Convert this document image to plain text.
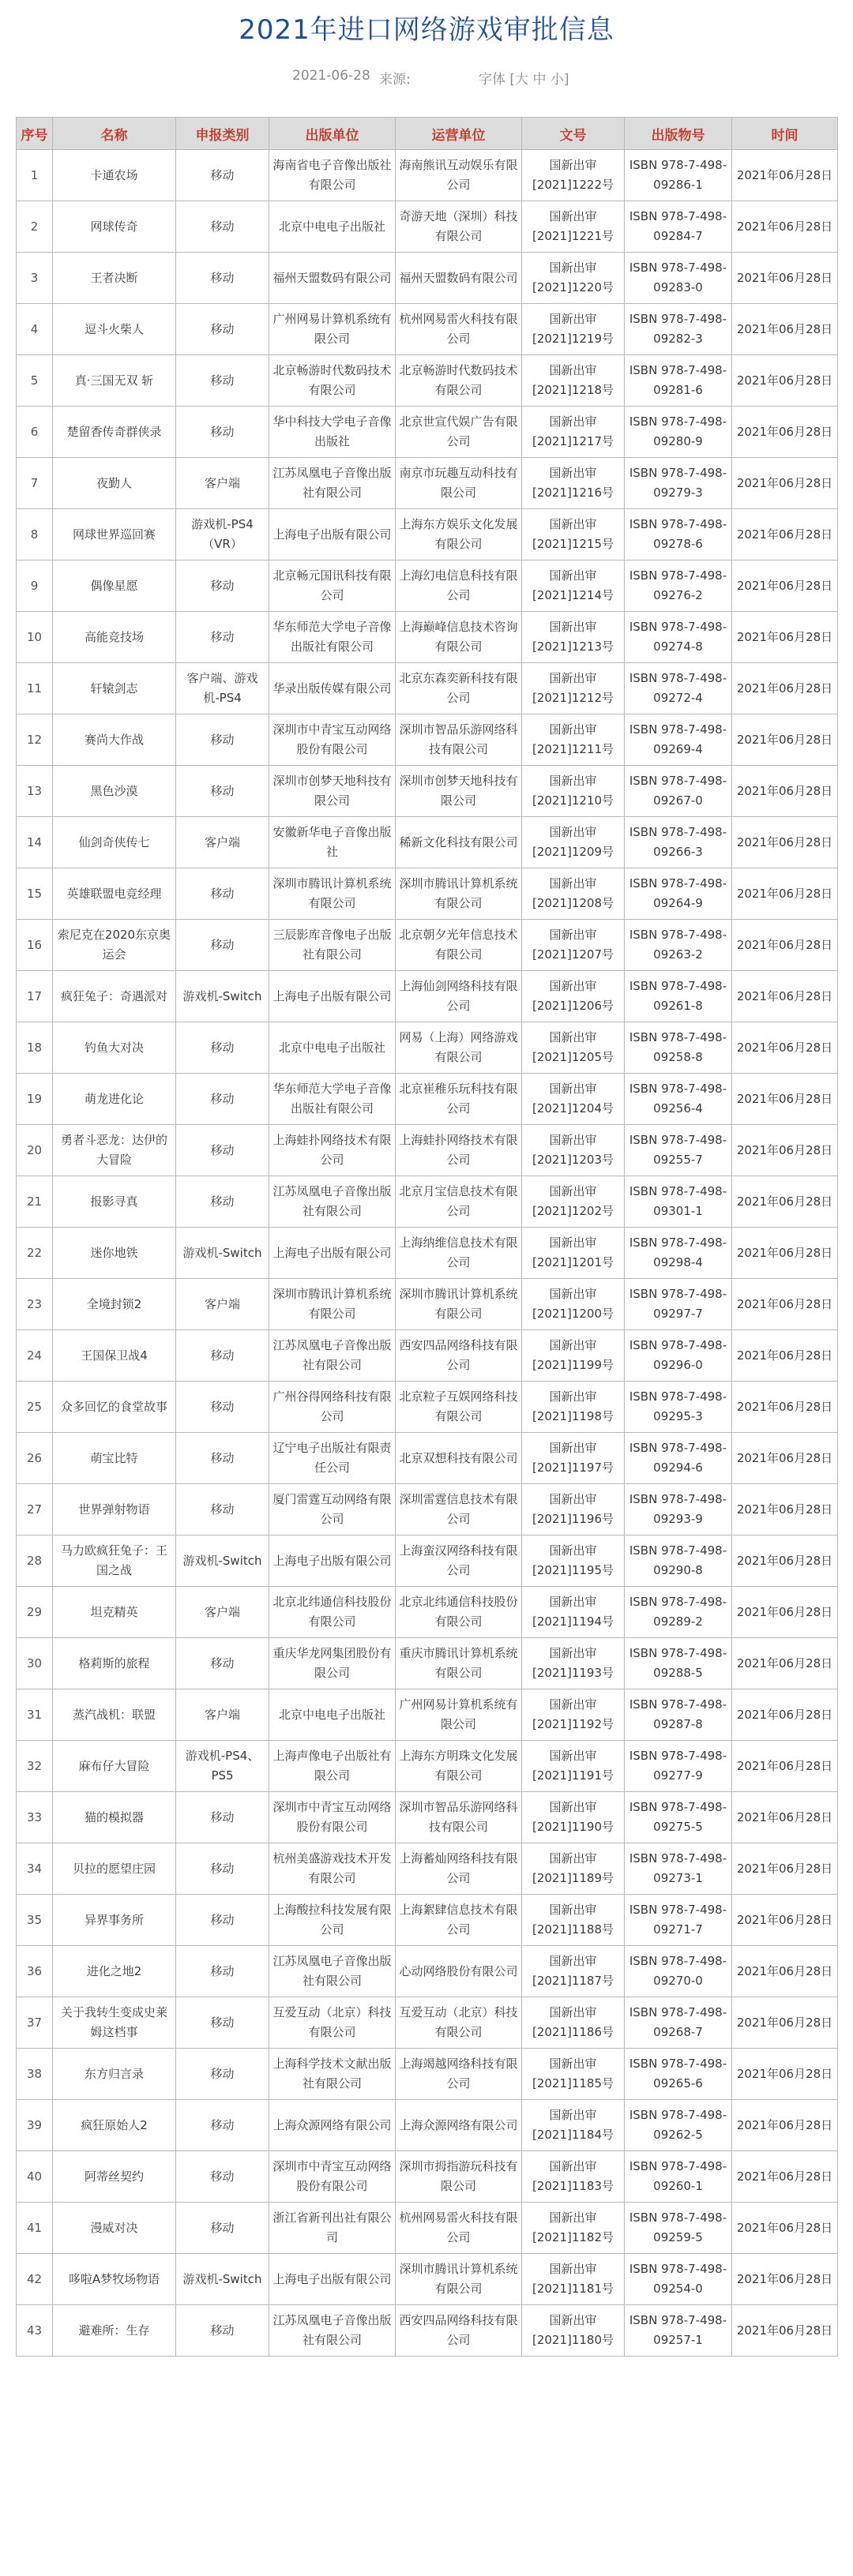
2021年进口网络游戏审批信息
2021-06-28 来源:	字体 [大 中 小]
序号	名称	申报类别	出版单位	运营单位	文号	出版物号	时间
1	卡通农场	移动	海南省电子音像出版社有限公司	海南熊讯互动娱乐有限公司	国新出审[2021]1222号	ISBN 978-7-498-09286-1	2021年06月28日
2	网球传奇	移动	北京中电电子出版社	奇游天地（深圳）科技有限公司	国新出审[2021]1221号	ISBN 978-7-498-09284-7	2021年06月28日
3	王者决断	移动	福州天盟数码有限公司	福州天盟数码有限公司	国新出审[2021]1220号	ISBN 978-7-498-09283-0	2021年06月28日
4	逗斗火柴人	移动	广州网易计算机系统有限公司	杭州网易雷火科技有限公司	国新出审[2021]1219号	ISBN 978-7-498-09282-3	2021年06月28日
5	真·三国无双 斩	移动	北京畅游时代数码技术有限公司	北京畅游时代数码技术有限公司	国新出审[2021]1218号	ISBN 978-7-498-09281-6	2021年06月28日
6	楚留香传奇群侠录	移动	华中科技大学电子音像出版社	北京世宣代娱广告有限公司	国新出审[2021]1217号	ISBN 978-7-498-09280-9	2021年06月28日
7	夜勤人	客户端	江苏凤凰电子音像出版社有限公司	南京市玩趣互动科技有限公司	国新出审[2021]1216号	ISBN 978-7-498-09279-3	2021年06月28日
8	网球世界巡回赛	游戏机-PS4（VR）	上海电子出版有限公司	上海东方娱乐文化发展有限公司	国新出审[2021]1215号	ISBN 978-7-498-09278-6	2021年06月28日
9	偶像星愿	移动	北京畅元国讯科技有限公司	上海幻电信息科技有限公司	国新出审[2021]1214号	ISBN 978-7-498-09276-2	2021年06月28日
10	高能竞技场	移动	华东师范大学电子音像出版社有限公司	上海巅峰信息技术咨询有限公司	国新出审[2021]1213号	ISBN 978-7-498-09274-8	2021年06月28日
11	轩辕剑志	客户端、游戏机-PS4	华录出版传媒有限公司	北京东森奕新科技有限公司	国新出审[2021]1212号	ISBN 978-7-498-09272-4	2021年06月28日
12	赛尚大作战	移动	深圳市中青宝互动网络股份有限公司	深圳市智品乐游网络科技有限公司	国新出审[2021]1211号	ISBN 978-7-498-09269-4	2021年06月28日
13	黑色沙漠	移动	深圳市创梦天地科技有限公司	深圳市创梦天地科技有限公司	国新出审[2021]1210号	ISBN 978-7-498-09267-0	2021年06月28日
14	仙剑奇侠传七	客户端	安徽新华电子音像出版社	稀新文化科技有限公司	国新出审[2021]1209号	ISBN 978-7-498-09266-3	2021年06月28日
15	英雄联盟电竞经理	移动	深圳市腾讯计算机系统有限公司	深圳市腾讯计算机系统有限公司	国新出审[2021]1208号	ISBN 978-7-498-09264-9	2021年06月28日
16	索尼克在2020东京奥运会	移动	三辰影库音像电子出版社有限公司	北京朝夕光年信息技术有限公司	国新出审[2021]1207号	ISBN 978-7-498-09263-2	2021年06月28日
17	疯狂兔子：奇遇派对	游戏机-Switch	上海电子出版有限公司	上海仙剑网络科技有限公司	国新出审[2021]1206号	ISBN 978-7-498-09261-8	2021年06月28日
18	钓鱼大对决	移动	北京中电电子出版社	网易（上海）网络游戏有限公司	国新出审[2021]1205号	ISBN 978-7-498-09258-8	2021年06月28日
19	萌龙进化论	移动	华东师范大学电子音像出版社有限公司	北京崔稚乐玩科技有限公司	国新出审[2021]1204号	ISBN 978-7-498-09256-4	2021年06月28日
20	勇者斗恶龙：达伊的大冒险	移动	上海蛙扑网络技术有限公司	上海蛙扑网络技术有限公司	国新出审[2021]1203号	ISBN 978-7-498-09255-7	2021年06月28日
21	报影寻真	移动	江苏凤凰电子音像出版社有限公司	北京月宝信息技术有限公司	国新出审[2021]1202号	ISBN 978-7-498-09301-1	2021年06月28日
22	迷你地铁	游戏机-Switch	上海电子出版有限公司	上海纳维信息技术有限公司	国新出审[2021]1201号	ISBN 978-7-498-09298-4	2021年06月28日
23	全境封锁2	客户端	深圳市腾讯计算机系统有限公司	深圳市腾讯计算机系统有限公司	国新出审[2021]1200号	ISBN 978-7-498-09297-7	2021年06月28日
24	王国保卫战4	移动	江苏凤凰电子音像出版社有限公司	西安四品网络科技有限公司	国新出审[2021]1199号	ISBN 978-7-498-09296-0	2021年06月28日
25	众多回忆的食堂故事	移动	广州谷得网络科技有限公司	北京粒子互娱网络科技有限公司	国新出审[2021]1198号	ISBN 978-7-498-09295-3	2021年06月28日
26	萌宝比特	移动	辽宁电子出版社有限责任公司	北京双想科技有限公司	国新出审[2021]1197号	ISBN 978-7-498-09294-6	2021年06月28日
27	世界弹射物语	移动	厦门雷霆互动网络有限公司	深圳雷霆信息技术有限公司	国新出审[2021]1196号	ISBN 978-7-498-09293-9	2021年06月28日
28	马力欧疯狂兔子：王国之战	游戏机-Switch	上海电子出版有限公司	上海蛮汉网络科技有限公司	国新出审[2021]1195号	ISBN 978-7-498-09290-8	2021年06月28日
29	坦克精英	客户端	北京北纬通信科技股份有限公司	北京北纬通信科技股份有限公司	国新出审[2021]1194号	ISBN 978-7-498-09289-2	2021年06月28日
30	格莉斯的旅程	移动	重庆华龙网集团股份有限公司	重庆市腾讯计算机系统有限公司	国新出审[2021]1193号	ISBN 978-7-498-09288-5	2021年06月28日
31	蒸汽战机：联盟	客户端	北京中电电子出版社	广州网易计算机系统有限公司	国新出审[2021]1192号	ISBN 978-7-498-09287-8	2021年06月28日
32	麻布仔大冒险	游戏机-PS4、PS5	上海声像电子出版社有限公司	上海东方明珠文化发展有限公司	国新出审[2021]1191号	ISBN 978-7-498-09277-9	2021年06月28日
33	猫的模拟器	移动	深圳市中青宝互动网络股份有限公司	深圳市智品乐游网络科技有限公司	国新出审[2021]1190号	ISBN 978-7-498-09275-5	2021年06月28日
34	贝拉的愿望庄园	移动	杭州美盛游戏技术开发有限公司	上海蓄灿网络科技有限公司	国新出审[2021]1189号	ISBN 978-7-498-09273-1	2021年06月28日
35	异界事务所	移动	上海酸拉科技发展有限公司	上海絮肆信息技术有限公司	国新出审[2021]1188号	ISBN 978-7-498-09271-7	2021年06月28日
36	进化之地2	移动	江苏凤凰电子音像出版社有限公司	心动网络股份有限公司	国新出审[2021]1187号	ISBN 978-7-498-09270-0	2021年06月28日
37	关于我转生变成史莱姆这档事	移动	互爱互动（北京）科技有限公司	互爱互动（北京）科技有限公司	国新出审[2021]1186号	ISBN 978-7-498-09268-7	2021年06月28日
38	东方归言录	移动	上海科学技术文献出版社有限公司	上海竭越网络科技有限公司	国新出审[2021]1185号	ISBN 978-7-498-09265-6	2021年06月28日
39	疯狂原始人2	移动	上海众源网络有限公司	上海众源网络有限公司	国新出审[2021]1184号	ISBN 978-7-498-09262-5	2021年06月28日
40	阿蒂丝契约	移动	深圳市中青宝互动网络股份有限公司	深圳市拇指游玩科技有限公司	国新出审[2021]1183号	ISBN 978-7-498-09260-1	2021年06月28日
41	漫威对决	移动	浙江省新刊出社有限公司	杭州网易雷火科技有限公司	国新出审[2021]1182号	ISBN 978-7-498-09259-5	2021年06月28日
42	哆啦A梦牧场物语	游戏机-Switch	上海电子出版有限公司	深圳市腾讯计算机系统有限公司	国新出审[2021]1181号	ISBN 978-7-498-09254-0	2021年06月28日
43	避难所：生存	移动	江苏凤凰电子音像出版社有限公司	西安四品网络科技有限公司	国新出审[2021]1180号	ISBN 978-7-498-09257-1	2021年06月28日
